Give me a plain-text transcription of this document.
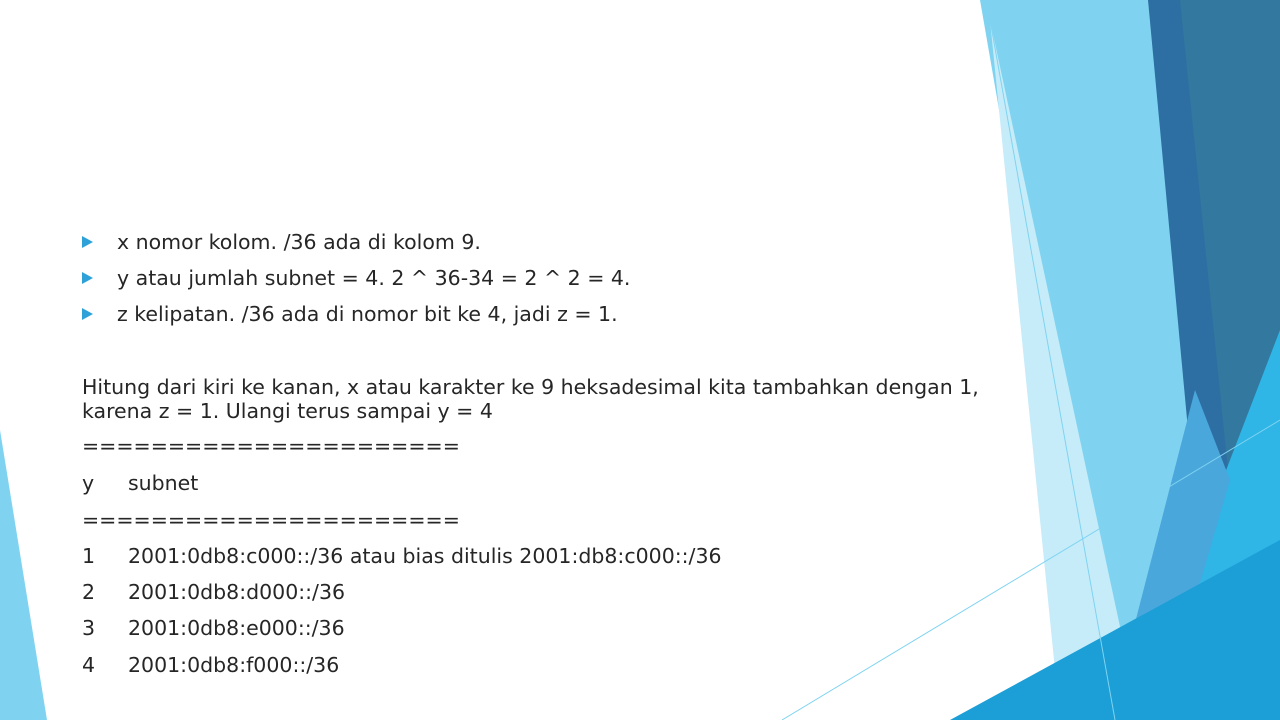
x nomor kolom. /36 ada di kolom 9.
y atau jumlah subnet = 4. 2 ^ 36-34 = 2 ^ 2 = 4.
z kelipatan. /36 ada di nomor bit ke 4, jadi z = 1.
Hitung dari kiri ke kanan, x atau karakter ke 9 heksadesimal kita tambahkan dengan 1, karena z = 1. Ulangi terus sampai y = 4
======================
y	subnet
======================
1	2001:0db8:c000::/36 atau bias ditulis 2001:db8:c000::/36
2	2001:0db8:d000::/36
3	2001:0db8:e000::/36
4	2001:0db8:f000::/36
